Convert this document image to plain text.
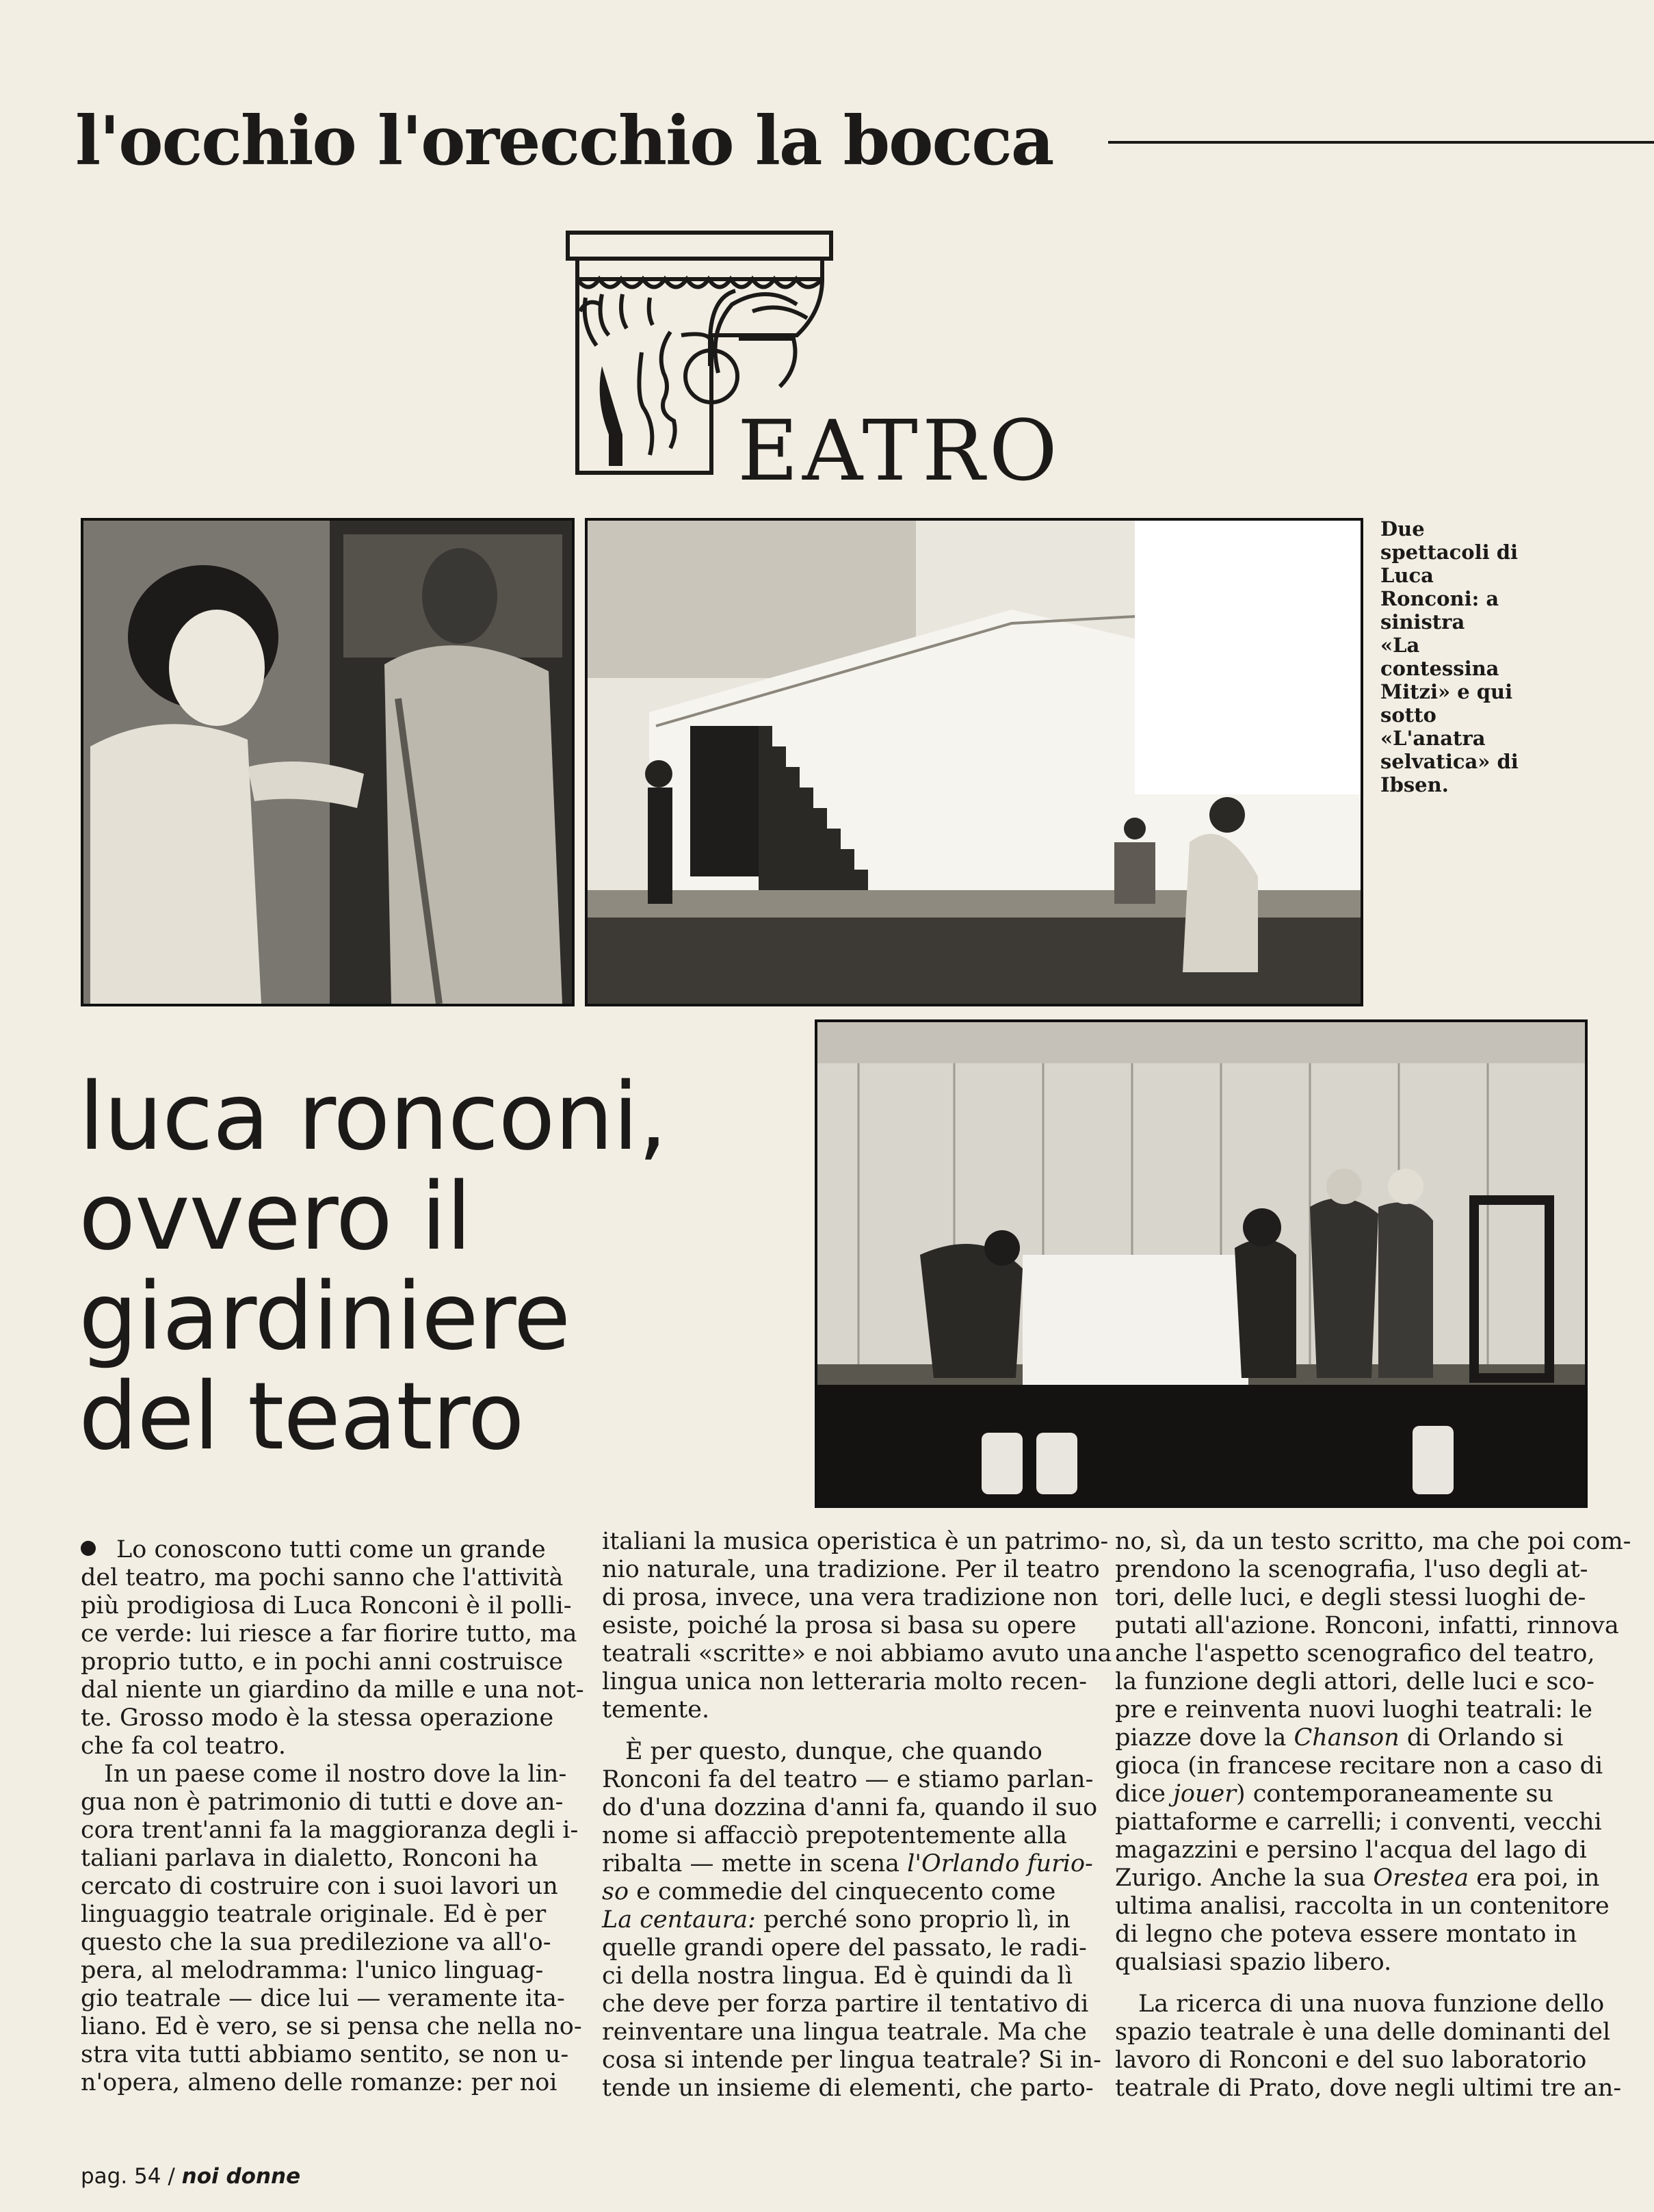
l'occhio l'orecchio la bocca
EATRO
Due
spettacoli di
Luca
Ronconi: a
sinistra
«La
contessina
Mitzi» e qui
sotto
«L'anatra
selvatica» di
Ibsen.
luca ronconi,
ovvero il
giardiniere
del teatro
Lo conoscono tutti come un grande
del teatro, ma pochi sanno che l'attività
più prodigiosa di Luca Ronconi è il polli-
ce verde: lui riesce a far fiorire tutto, ma
proprio tutto, e in pochi anni costruisce
dal niente un giardino da mille e una not-
te. Grosso modo è la stessa operazione
che fa col teatro.
In un paese come il nostro dove la lin-
gua non è patrimonio di tutti e dove an-
cora trent'anni fa la maggioranza degli i-
taliani parlava in dialetto, Ronconi ha
cercato di costruire con i suoi lavori un
linguaggio teatrale originale. Ed è per
questo che la sua predilezione va all'o-
pera, al melodramma: l'unico linguag-
gio teatrale — dice lui — veramente ita-
liano. Ed è vero, se si pensa che nella no-
stra vita tutti abbiamo sentito, se non u-
n'opera, almeno delle romanze: per noi
italiani la musica operistica è un patrimo-
nio naturale, una tradizione. Per il teatro
di prosa, invece, una vera tradizione non
esiste, poiché la prosa si basa su opere
teatrali «scritte» e noi abbiamo avuto una
lingua unica non letteraria molto recen-
temente.
È per questo, dunque, che quando
Ronconi fa del teatro — e stiamo parlan-
do d'una dozzina d'anni fa, quando il suo
nome si affacciò prepotentemente alla
ribalta — mette in scena l'Orlando furio-
so e commedie del cinquecento come
La centaura: perché sono proprio lì, in
quelle grandi opere del passato, le radi-
ci della nostra lingua. Ed è quindi da lì
che deve per forza partire il tentativo di
reinventare una lingua teatrale. Ma che
cosa si intende per lingua teatrale? Si in-
tende un insieme di elementi, che parto-
no, sì, da un testo scritto, ma che poi com-
prendono la scenografia, l'uso degli at-
tori, delle luci, e degli stessi luoghi de-
putati all'azione. Ronconi, infatti, rinnova
anche l'aspetto scenografico del teatro,
la funzione degli attori, delle luci e sco-
pre e reinventa nuovi luoghi teatrali: le
piazze dove la Chanson di Orlando si
gioca (in francese recitare non a caso di
dice jouer) contemporaneamente su
piattaforme e carrelli; i conventi, vecchi
magazzini e persino l'acqua del lago di
Zurigo. Anche la sua Orestea era poi, in
ultima analisi, raccolta in un contenitore
di legno che poteva essere montato in
qualsiasi spazio libero.
La ricerca di una nuova funzione dello
spazio teatrale è una delle dominanti del
lavoro di Ronconi e del suo laboratorio
teatrale di Prato, dove negli ultimi tre an-
pag. 54 / noi donne
